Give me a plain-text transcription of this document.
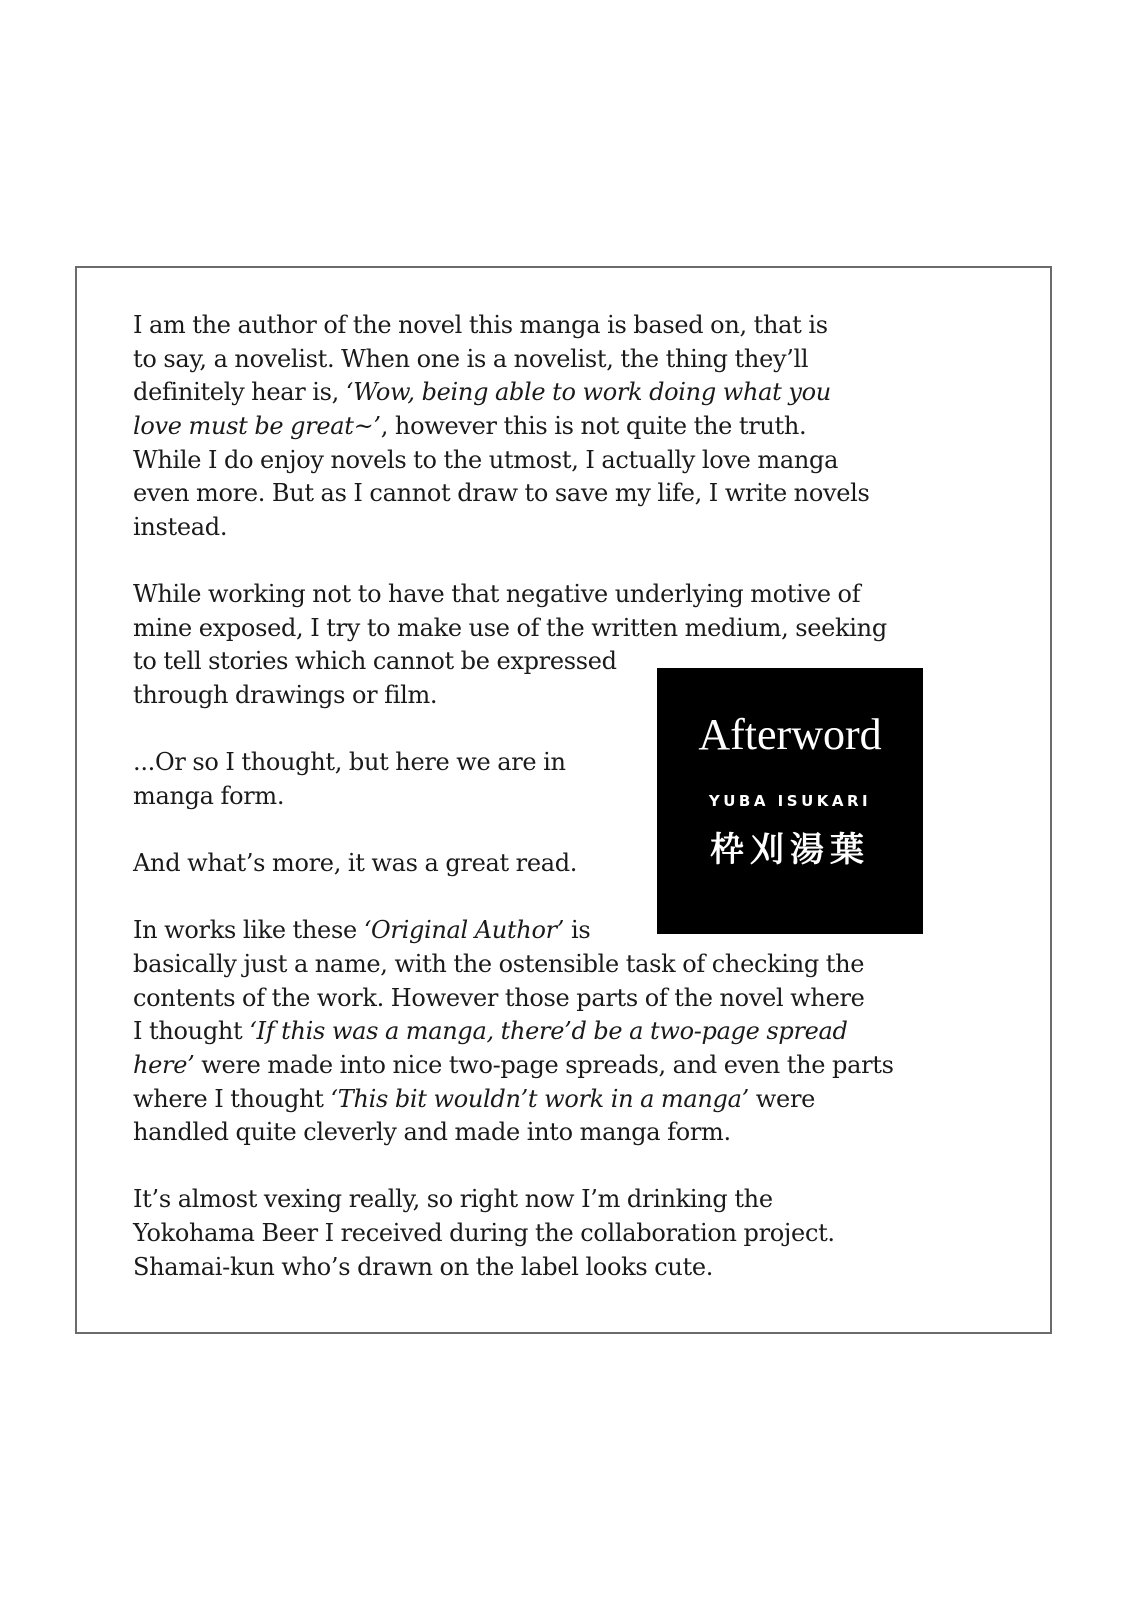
I am the author of the novel this manga is based on, that is
to say, a novelist. When one is a novelist, the thing they’ll
definitely hear is, ‘Wow, being able to work doing what you
love must be great~’, however this is not quite the truth.
While I do enjoy novels to the utmost, I actually love manga
even more. But as I cannot draw to save my life, I write novels
instead.
While working not to have that negative underlying motive of
mine exposed, I try to make use of the written medium, seeking
to tell stories which cannot be expressed
through drawings or film.
...Or so I thought, but here we are in
manga form.
And what’s more, it was a great read.
In works like these ‘Original Author’ is
basically just a name, with the ostensible task of checking the
contents of the work. However those parts of the novel where
I thought ‘If this was a manga, there’d be a two-page spread
here’ were made into nice two-page spreads, and even the parts
where I thought ‘This bit wouldn’t work in a manga’ were
handled quite cleverly and made into manga form.
It’s almost vexing really, so right now I’m drinking the
Yokohama Beer I received during the collaboration project.
Shamai-kun who’s drawn on the label looks cute.
Afterword
YUBA ISUKARI
枠刈湯葉
